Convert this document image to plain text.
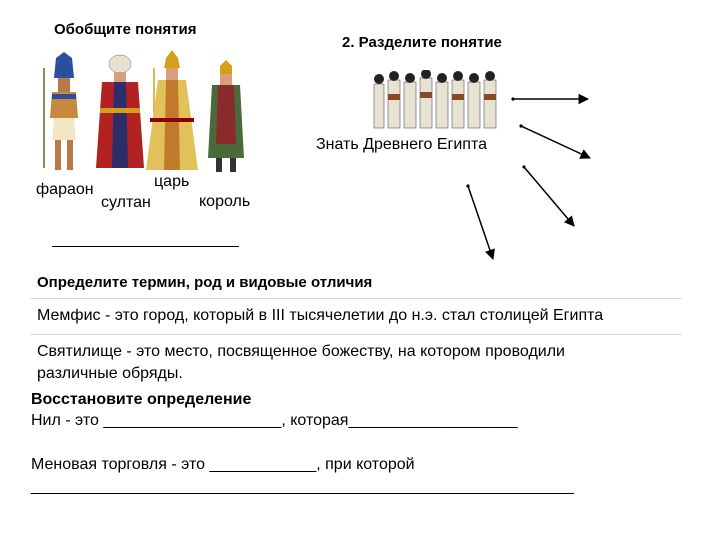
Обобщите понятия
фараон	царь
султан	король
2. Разделите понятие
Знать Древнего Египта
Определите термин, род и видовые отличия
Мемфис - это город, который в III тысячелетии до н.э. стал столицей Египта
Святилище - это место, посвященное божеству, на котором проводили
различные обряды.
Восстановите определение
Нил - это ____________________, которая___________________
Меновая торговля - это ____________, при которой
_____________________________________________________________
